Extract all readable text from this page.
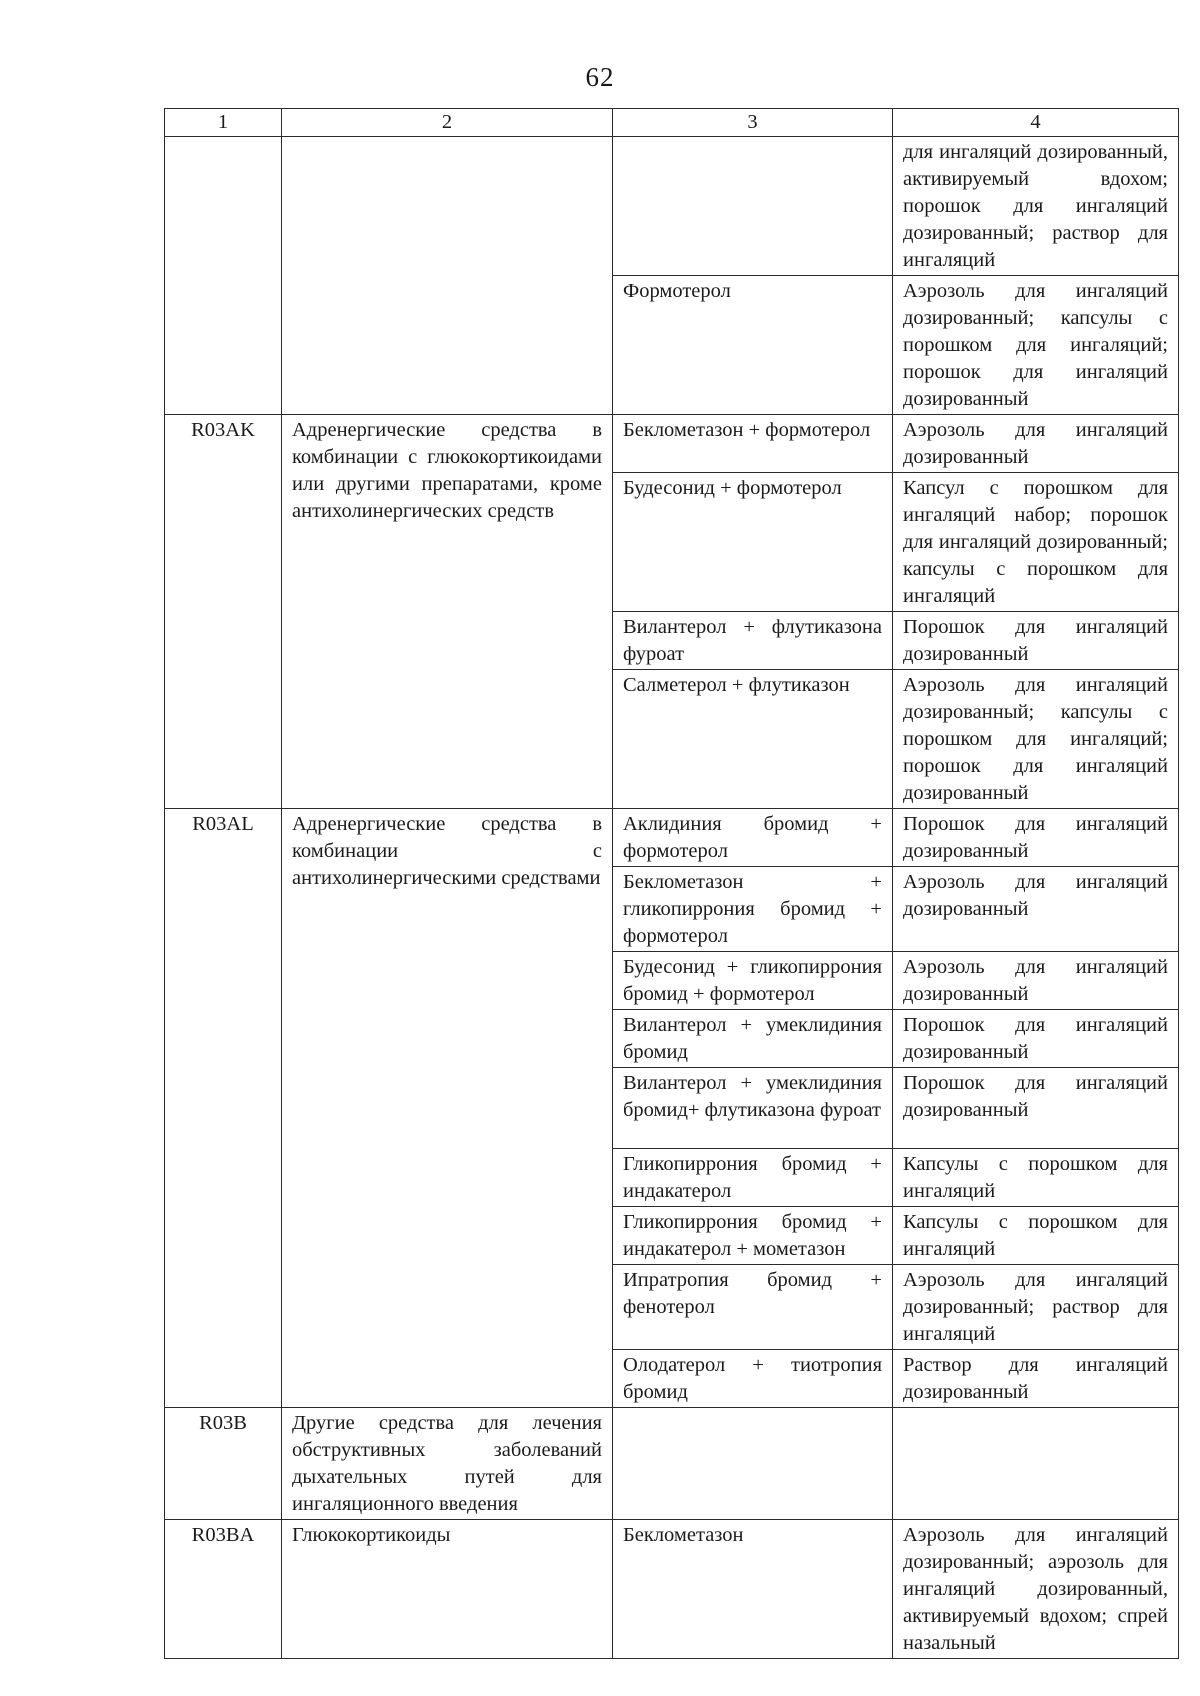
62
1	2	3	4
			для ингаляций дозированный, активируемый вдохом; порошок для ингаляций дозированный; раствор для ингаляций
		Формотерол	Аэрозоль для ингаляций дозированный; капсулы с порошком для ингаляций; порошок для ингаляций дозированный
R03AK	Адренергические средства в комбинации с глюкокортикоидами или другими препаратами, кроме антихолинергических средств	Беклометазон + формотерол	Аэрозоль для ингаляций дозированный
		Будесонид + формотерол	Капсул с порошком для ингаляций набор; порошок для ингаляций дозированный; капсулы с порошком для ингаляций
		Вилантерол + флутиказона фуроат	Порошок для ингаляций дозированный
		Салметерол + флутиказон	Аэрозоль для ингаляций дозированный; капсулы с порошком для ингаляций; порошок для ингаляций дозированный
R03AL	Адренергические средства в комбинации с антихолинергическими средствами	Аклидиния бромид + формотерол	Порошок для ингаляций дозированный
		Беклометазон + гликопиррония бромид + формотерол	Аэрозоль для ингаляций дозированный
		Будесонид + гликопиррония бромид + формотерол	Аэрозоль для ингаляций дозированный
		Вилантерол + умеклидиния бромид	Порошок для ингаляций дозированный
		Вилантерол + умеклидиния бромид+ флутиказона фуроат	Порошок для ингаляций дозированный
		Гликопиррония бромид + индакатерол	Капсулы с порошком для ингаляций
		Гликопиррония бромид + индакатерол + мометазон	Капсулы с порошком для ингаляций
		Ипратропия бромид + фенотерол	Аэрозоль для ингаляций дозированный; раствор для ингаляций
		Олодатерол + тиотропия бромид	Раствор для ингаляций дозированный
R03B	Другие средства для лечения обструктивных заболеваний дыхательных путей для ингаляционного введения		
R03BA	Глюкокортикоиды	Беклометазон	Аэрозоль для ингаляций дозированный; аэрозоль для ингаляций дозированный, активируемый вдохом; спрей назальный
